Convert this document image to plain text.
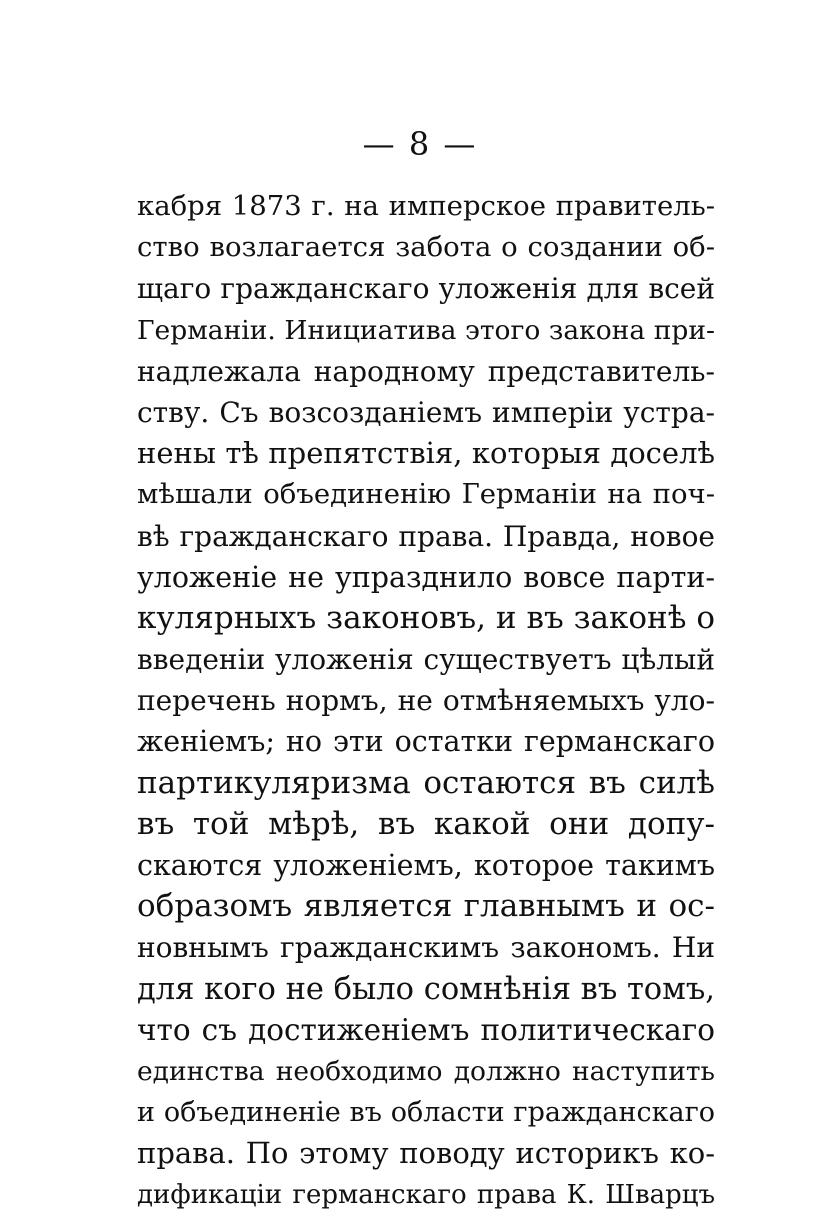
— 8 —
кабря 1873 г. на имперское правитель-
ство возлагается забота о создании об-
щаго гражданскаго уложенія для всей
Германіи. Инициатива этого закона при-
надлежала народному представитель-
ству. Съ возсозданіемъ имперіи устра-
нены тѣ препятствія, которыя доселѣ
мѣшали объединенію Германіи на поч-
вѣ гражданскаго права. Правда, новое
уложеніе не упразднило вовсе парти-
кулярныхъ законовъ, и въ законѣ о
введеніи уложенія существуетъ цѣлый
перечень нормъ, не отмѣняемыхъ уло-
женіемъ; но эти остатки германскаго
партикуляризма остаются въ силѣ
въ той мѣрѣ, въ какой они допу-
скаются уложеніемъ, которое такимъ
образомъ является главнымъ и ос-
новнымъ гражданскимъ закономъ. Ни
для кого не было сомнѣнія въ томъ,
что съ достиженіемъ политическаго
единства необходимо должно наступить
и объединеніе въ области гражданскаго
права. По этому поводу историкъ ко-
дификаціи германскаго права К. Шварцъ
